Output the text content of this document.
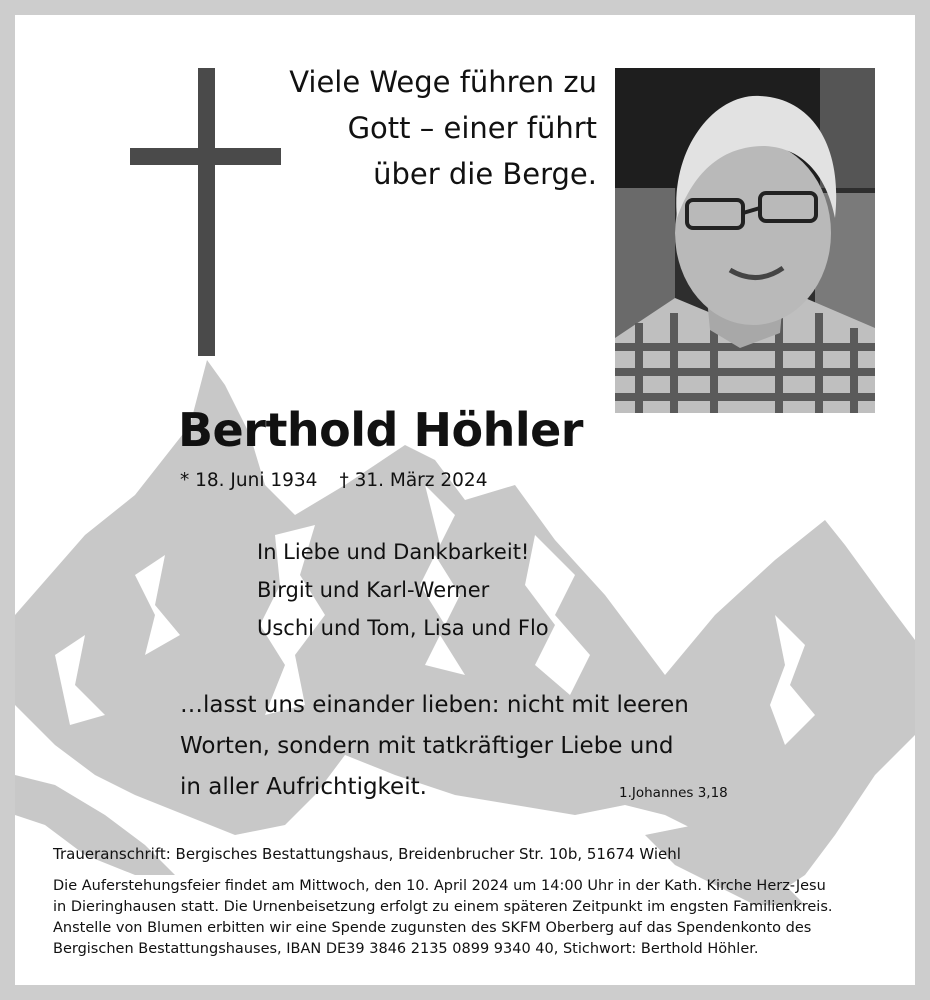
Viele Wege führen zu
Gott – einer führt
über die Berge.
Berthold Höhler
* 18. Juni 1934 † 31. März 2024
In Liebe und Dankbarkeit!
Birgit und Karl-Werner
Uschi und Tom, Lisa und Flo
…lasst uns einander lieben: nicht mit leeren
Worten, sondern mit tatkräftiger Liebe und
in aller Aufrichtigkeit.	1.Johannes 3,18
Traueranschrift: Bergisches Bestattungshaus, Breidenbrucher Str. 10b, 51674 Wiehl
Die Auferstehungsfeier findet am Mittwoch, den 10. April 2024 um 14:00 Uhr in der Kath. Kirche Herz-Jesu
in Dieringhausen statt. Die Urnenbeisetzung erfolgt zu einem späteren Zeitpunkt im engsten Familienkreis.
Anstelle von Blumen erbitten wir eine Spende zugunsten des SKFM Oberberg auf das Spendenkonto des
Bergischen Bestattungshauses, IBAN DE39 3846 2135 0899 9340 40, Stichwort: Berthold Höhler.
